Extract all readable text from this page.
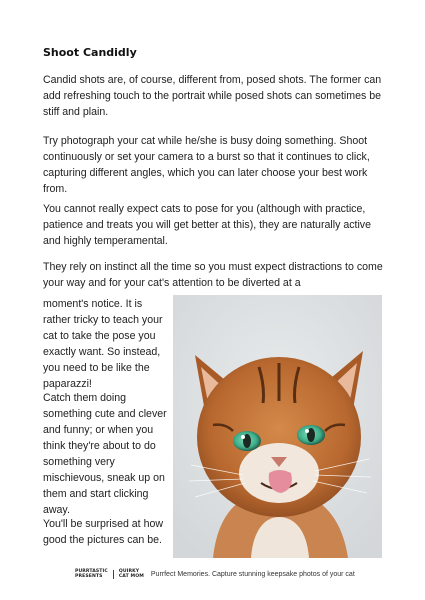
Shoot Candidly

Candid shots are, of course, different from, posed shots. The former can add refreshing touch to the portrait while posed shots can sometimes be stiff and plain.

Try photograph your cat while he/she is busy doing something. Shoot continuously or set your camera to a burst so that it continues to click, capturing different angles, which you can later choose your best work from.

You cannot really expect cats to pose for you (although with practice, patience and treats you will get better at this), they are naturally active and highly temperamental.

They rely on instinct all the time so you must expect distractions to come your way and for your cat's attention to be diverted at a

moment's notice. It is rather tricky to teach your cat to take the pose you exactly want. So instead, you need to be like the paparazzi!

Catch them doing something cute and clever and funny; or when you think they're about to do something very mischievous, sneak up on them and start clicking away.

You'll be surprised at how good the pictures can be.

PURRTASTIC
PRESENTS
QUIRKY
CAT MOM Purrfect Memories. Capture stunning keepsake photos of your cat
